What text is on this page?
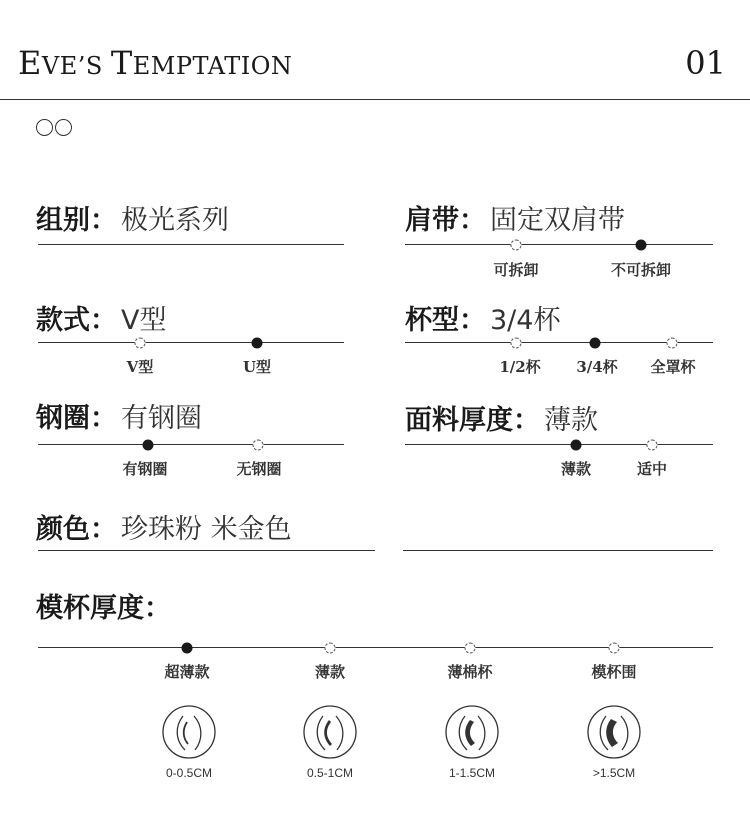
EVE’S TEMPTATION	01
组别： 极光系列	肩带： 固定双肩带
可拆卸	不可拆卸
款式： V型
V型	U型
杯型： 3/4杯
1/2杯 3/4杯 全罩杯
钢圈： 有钢圈
有钢圈	无钢圈
面料厚度： 薄款
薄款	适中
颜色： 珍珠粉 米金色
模杯厚度：
超薄款	薄款	薄棉杯	模杯围
0-0.5CM	0.5-1CM	1-1.5CM	>1.5CM
